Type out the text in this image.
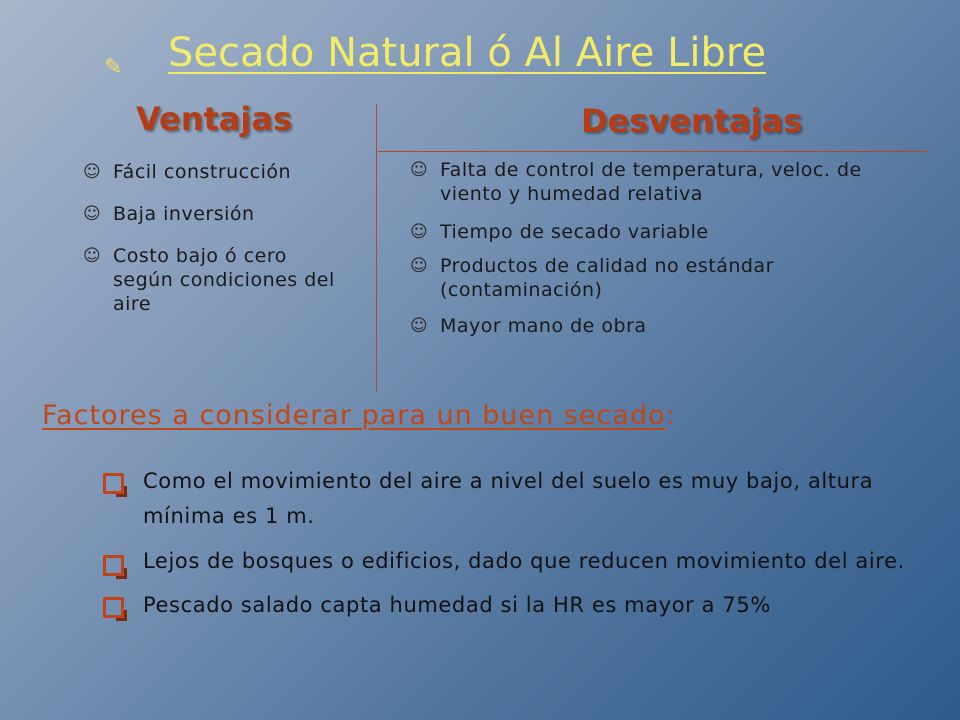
✎ Secado Natural ó Al Aire Libre
Ventajas	Desventajas
☺ Fácil construcción
☺ Baja inversión
☺ Costo bajo ó cero según condiciones del aire
☺ Falta de control de temperatura, veloc. de viento y humedad relativa
☺ Tiempo de secado variable
☺ Productos de calidad no estándar (contaminación)
☺ Mayor mano de obra
Factores a considerar para un buen secado:
Como el movimiento del aire a nivel del suelo es muy bajo, altura mínima es 1 m.
Lejos de bosques o edificios, dado que reducen movimiento del aire.
Pescado salado capta humedad si la HR es mayor a 75%
